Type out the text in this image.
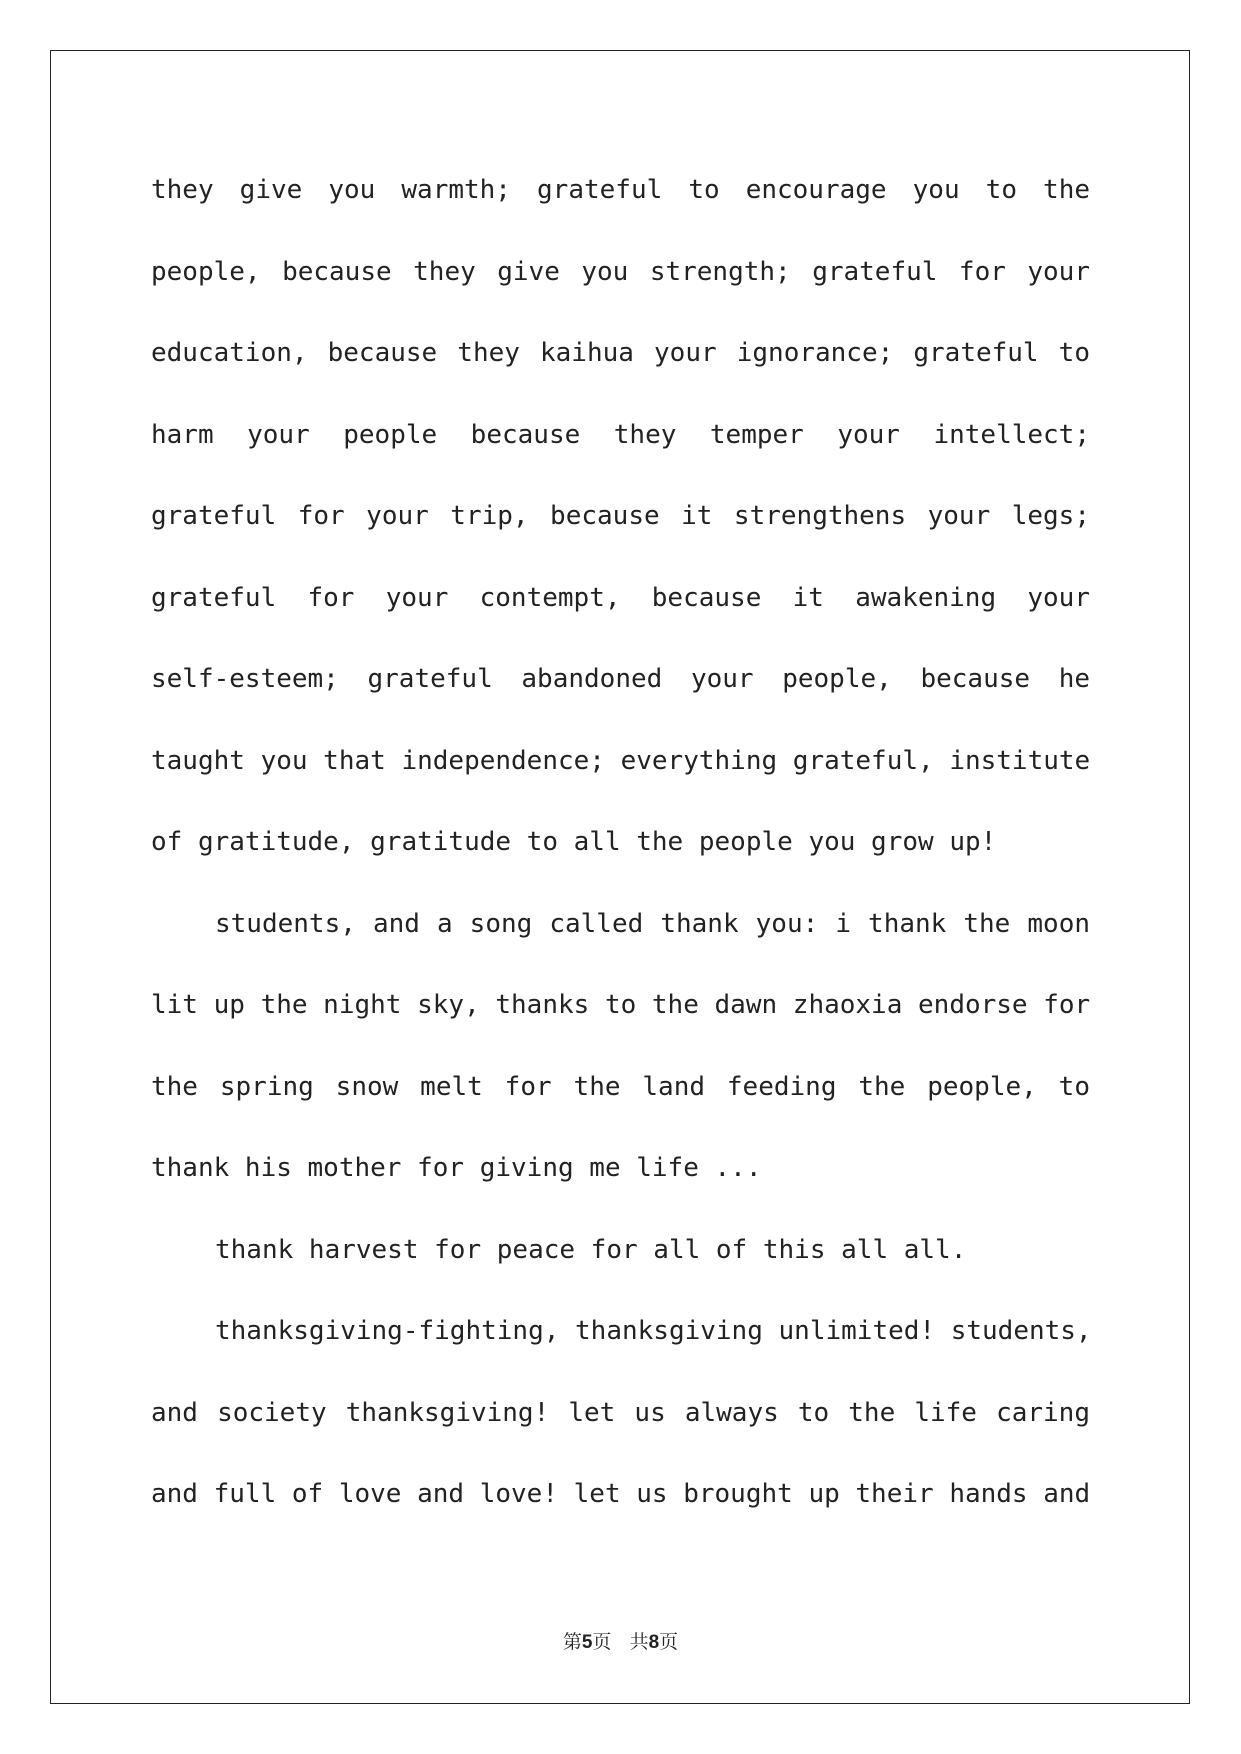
they give you warmth; grateful to encourage you to the
people, because they give you strength; grateful for your
education, because they kaihua your ignorance; grateful to
harm your people because they temper your intellect;
grateful for your trip, because it strengthens your legs;
grateful for your contempt, because it awakening your
self-esteem; grateful abandoned your people, because he
taught you that independence; everything grateful, institute
of gratitude, gratitude to all the people you grow up!
students, and a song called thank you: i thank the moon
lit up the night sky, thanks to the dawn zhaoxia endorse for
the spring snow melt for the land feeding the people, to
thank his mother for giving me life ...
thank harvest for peace for all of this all all.
thanksgiving-fighting, thanksgiving unlimited! students,
and society thanksgiving! let us always to the life caring
and full of love and love! let us brought up their hands and
第5页 共8页
